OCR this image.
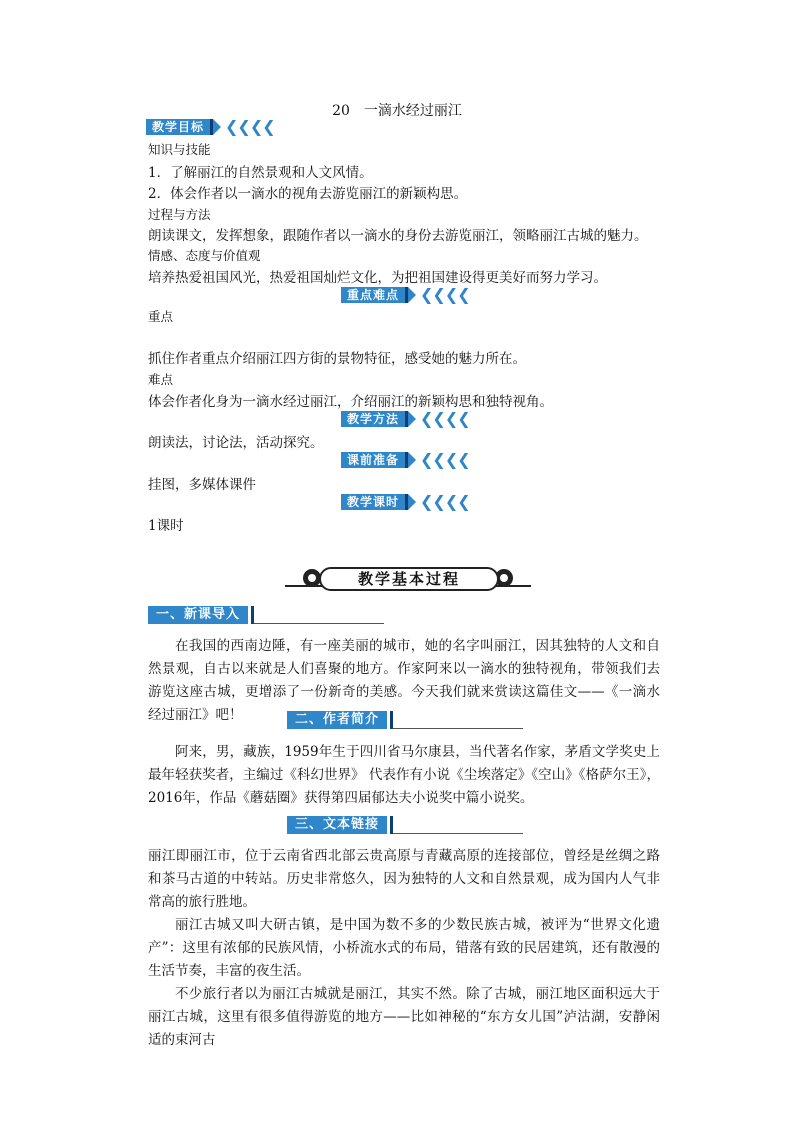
20 一滴水经过丽江
教学目标	❮❮❮❮
知识与技能
1．了解丽江的自然景观和人文风情。
2．体会作者以一滴水的视角去游览丽江的新颖构思。
过程与方法
朗读课文，发挥想象，跟随作者以一滴水的身份去游览丽江，领略丽江古城的魅力。
情感、态度与价值观
培养热爱祖国风光，热爱祖国灿烂文化，为把祖国建设得更美好而努力学习。
重点难点	❮❮❮❮
重点
抓住作者重点介绍丽江四方街的景物特征，感受她的魅力所在。
难点
体会作者化身为一滴水经过丽江，介绍丽江的新颖构思和独特视角。
教学方法	❮❮❮❮
朗读法，讨论法，活动探究。
课前准备	❮❮❮❮
挂图，多媒体课件
教学课时	❮❮❮❮
1课时
教学基本过程
一、新课导入

在我国的西南边陲，有一座美丽的城市，她的名字叫丽江，因其独特的人文和自然景观，自古以来就是人们喜聚的地方。作家阿来以一滴水的独特视角，带领我们去游览这座古城，更增添了一份新奇的美感。今天我们就来赏读这篇佳文——《一滴水经过丽江》吧！	二、作者简介

阿来，男，藏族，1959年生于四川省马尔康县，当代著名作家，茅盾文学奖史上最年轻获奖者，主编过《科幻世界》 代表作有小说《尘埃落定》《空山》《格萨尔王》，2016年，作品《蘑菇圈》获得第四届郁达夫小说奖中篇小说奖。

三、文本链接

丽江即丽江市，位于云南省西北部云贵高原与青藏高原的连接部位，曾经是丝绸之路和茶马古道的中转站。历史非常悠久，因为独特的人文和自然景观，成为国内人气非常高的旅行胜地。

丽江古城又叫大研古镇，是中国为数不多的少数民族古城，被评为“世界文化遗产”：这里有浓郁的民族风情，小桥流水式的布局，错落有致的民居建筑，还有散漫的生活节奏，丰富的夜生活。

不少旅行者以为丽江古城就是丽江，其实不然。除了古城，丽江地区面积远大于丽江古城，这里有很多值得游览的地方——比如神秘的“东方女儿国”泸沽湖，安静闲适的束河古
